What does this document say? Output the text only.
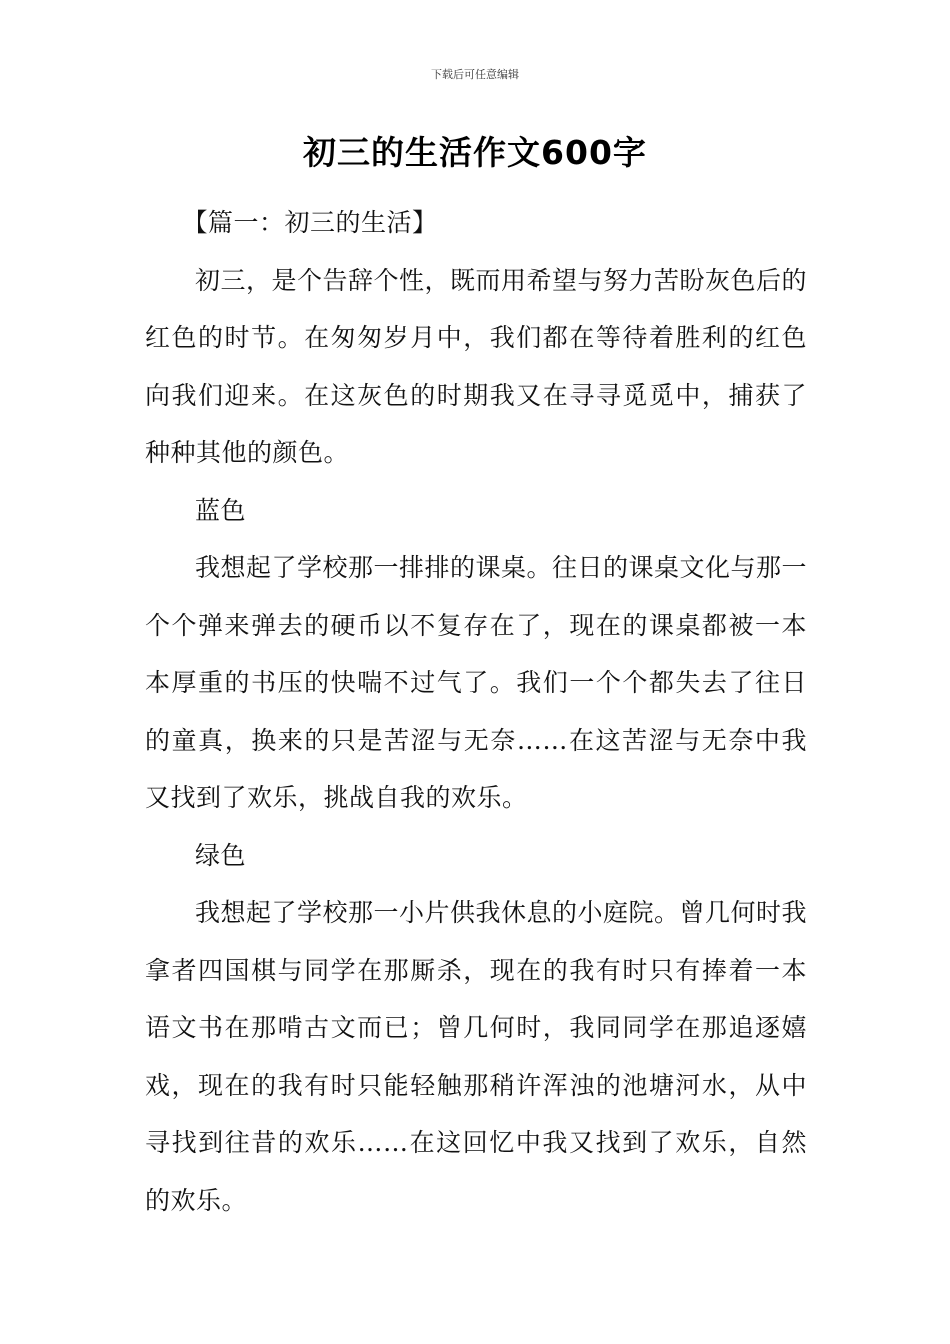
下载后可任意编辑
初三的生活作文600字

【篇一：初三的生活】

初三，是个告辞个性，既而用希望与努力苦盼灰色后的红色的时节。在匆匆岁月中，我们都在等待着胜利的红色向我们迎来。在这灰色的时期我又在寻寻觅觅中，捕获了种种其他的颜色。

蓝色

我想起了学校那一排排的课桌。往日的课桌文化与那一个个弹来弹去的硬币以不复存在了，现在的课桌都被一本本厚重的书压的快喘不过气了。我们一个个都失去了往日的童真，换来的只是苦涩与无奈……在这苦涩与无奈中我又找到了欢乐，挑战自我的欢乐。

绿色

我想起了学校那一小片供我休息的小庭院。曾几何时我拿者四国棋与同学在那厮杀，现在的我有时只有捧着一本语文书在那啃古文而已；曾几何时，我同同学在那追逐嬉戏，现在的我有时只能轻触那稍许浑浊的池塘河水，从中寻找到往昔的欢乐……在这回忆中我又找到了欢乐，自然的欢乐。
